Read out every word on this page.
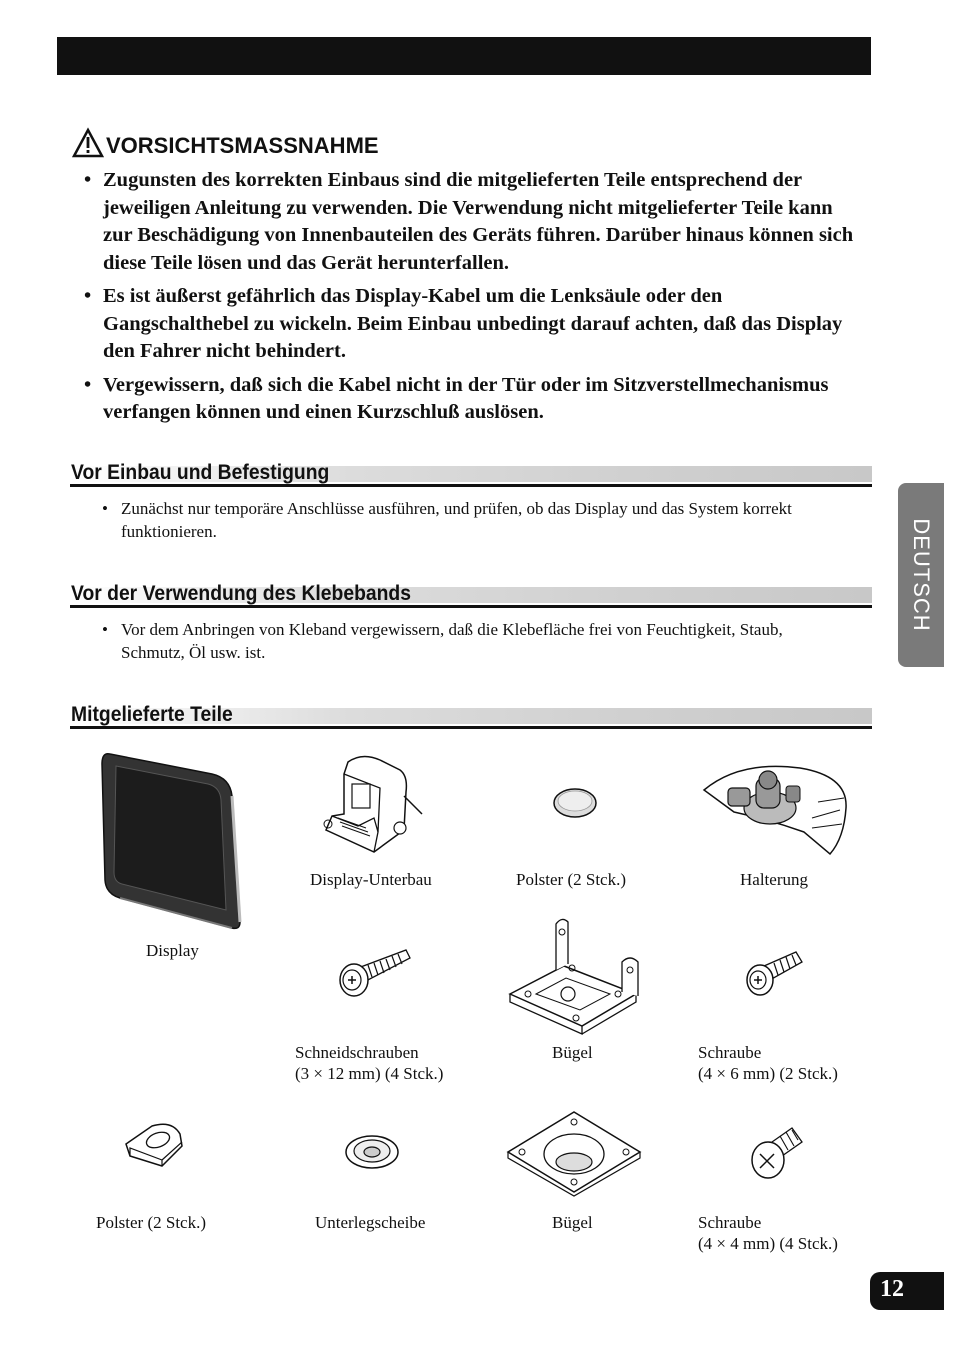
VORSICHTSMASSNAHME
• Zugunsten des korrekten Einbaus sind die mitgelieferten Teile entsprechend der jeweiligen Anleitung zu verwenden. Die Verwendung nicht mitgelieferter Teile kann zur Beschädigung von Innenbauteilen des Geräts führen. Darüber hinaus können sich diese Teile lösen und das Gerät herunterfallen.
• Es ist äußerst gefährlich das Display-Kabel um die Lenksäule oder den Gangschalthebel zu wickeln. Beim Einbau unbedingt darauf achten, daß das Display den Fahrer nicht behindert.
• Vergewissern, daß sich die Kabel nicht in der Tür oder im Sitzverstellmechanismus verfangen können und einen Kurzschluß auslösen.
Vor Einbau und Befestigung
• Zunächst nur temporäre Anschlüsse ausführen, und prüfen, ob das Display und das System korrekt funktionieren.
Vor der Verwendung des Klebebands
• Vor dem Anbringen von Kleband vergewissern, daß die Klebefläche frei von Feuchtigkeit, Staub, Schmutz, Öl usw. ist.
Mitgelieferte Teile
Display
Display-Unterbau	Polster (2 Stck.)	Halterung
Schneidschrauben
(3 × 12 mm) (4 Stck.)
Bügel	Schraube
(4 × 6 mm) (2 Stck.)
Polster (2 Stck.)	Unterlegscheibe	Bügel	Schraube
(4 × 4 mm) (4 Stck.)
DEUTSCH
12
